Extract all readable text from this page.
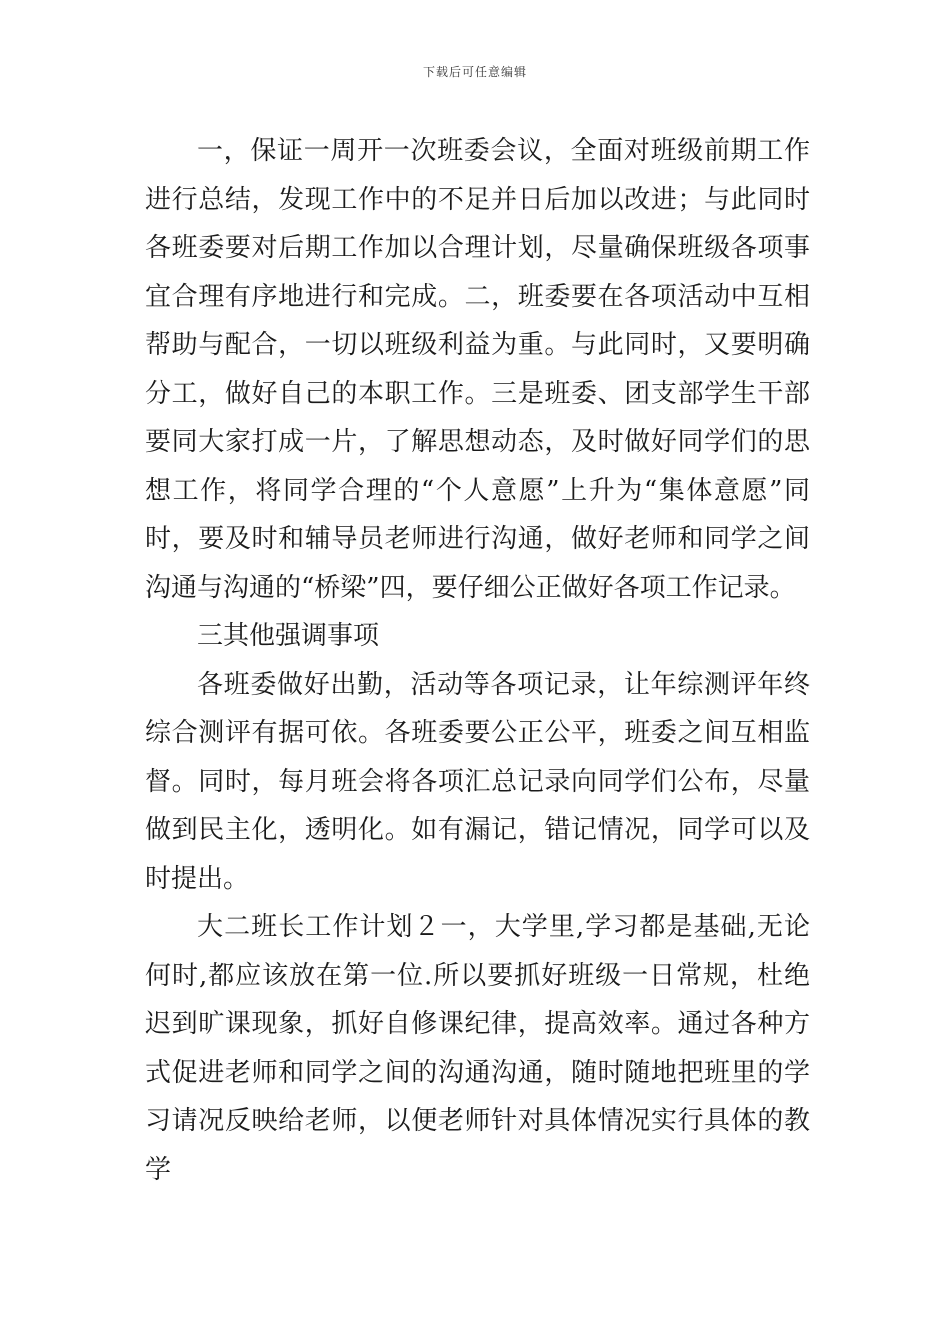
下载后可任意编辑

一，保证一周开一次班委会议，全面对班级前期工作进行总结，发现工作中的不足并日后加以改进；与此同时各班委要对后期工作加以合理计划，尽量确保班级各项事宜合理有序地进行和完成。二，班委要在各项活动中互相帮助与配合，一切以班级利益为重。与此同时，又要明确分工，做好自己的本职工作。三是班委、团支部学生干部要同大家打成一片，了解思想动态，及时做好同学们的思想工作，将同学合理的“个人意愿”上升为“集体意愿”同时，要及时和辅导员老师进行沟通，做好老师和同学之间沟通与沟通的“桥梁”四，要仔细公正做好各项工作记录。

三其他强调事项

各班委做好出勤，活动等各项记录，让年综测评年终综合测评有据可依。各班委要公正公平，班委之间互相监督。同时，每月班会将各项汇总记录向同学们公布，尽量做到民主化，透明化。如有漏记，错记情况，同学可以及时提出。

大二班长工作计划２一，大学里,学习都是基础,无论何时,都应该放在第一位.所以要抓好班级一日常规，杜绝迟到旷课现象，抓好自修课纪律，提高效率。通过各种方式促进老师和同学之间的沟通沟通，随时随地把班里的学习请况反映给老师，以便老师针对具体情况实行具体的教学
